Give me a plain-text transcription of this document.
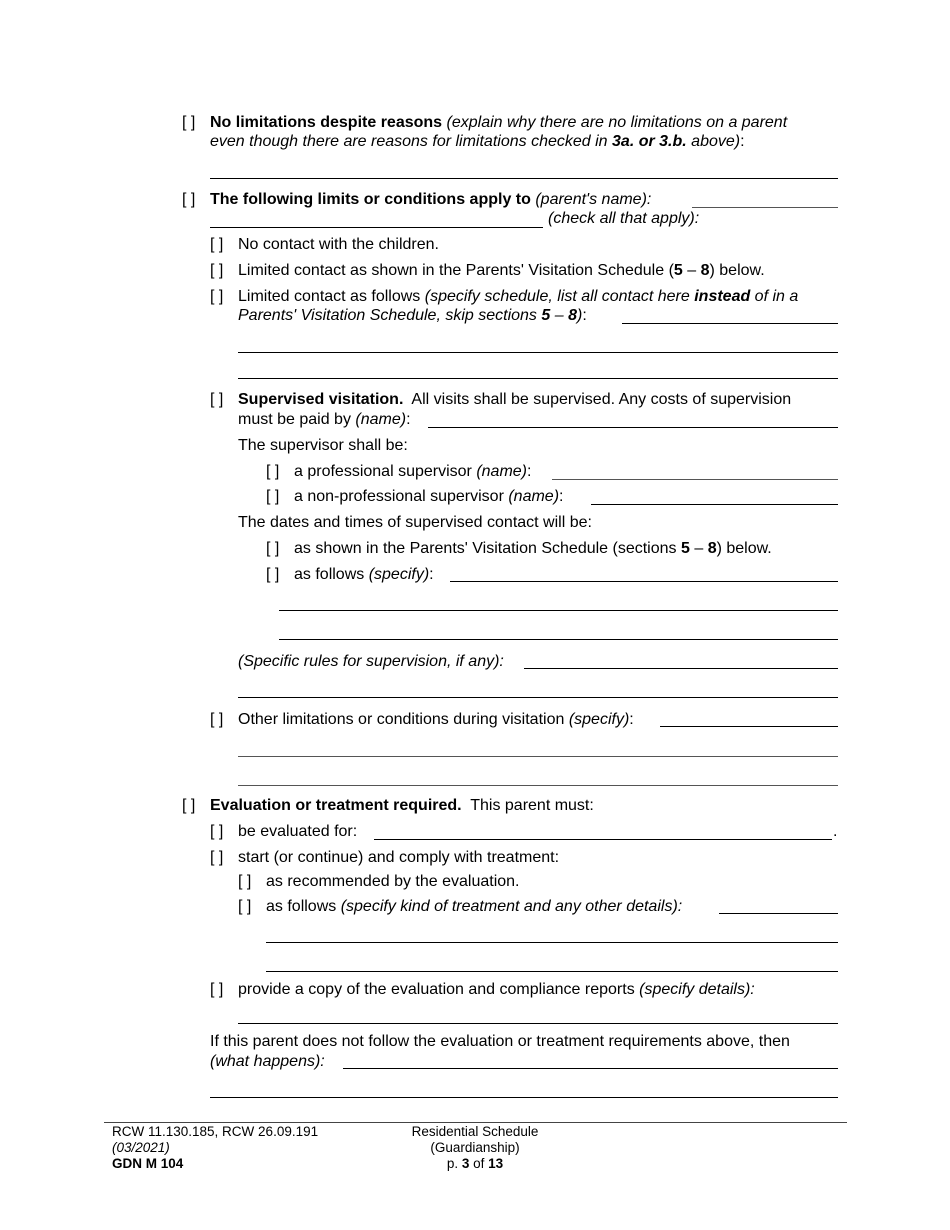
[ ] No limitations despite reasons (explain why there are no limitations on a parent
even though there are reasons for limitations checked in 3a. or 3.b. above):
[ ] The following limits or conditions apply to (parent's name):
(check all that apply):
[ ] No contact with the children.
[ ] Limited contact as shown in the Parents' Visitation Schedule (5 – 8) below.
[ ] Limited contact as follows (specify schedule, list all contact here instead of in a
Parents' Visitation Schedule, skip sections 5 – 8):
[ ] Supervised visitation. All visits shall be supervised. Any costs of supervision
must be paid by (name):
The supervisor shall be:
[ ] a professional supervisor (name):
[ ] a non-professional supervisor (name):
The dates and times of supervised contact will be:
[ ] as shown in the Parents' Visitation Schedule (sections 5 – 8) below.
[ ] as follows (specify):
(Specific rules for supervision, if any):
[ ] Other limitations or conditions during visitation (specify):
[ ] Evaluation or treatment required. This parent must:
[ ] be evaluated for:	.
[ ] start (or continue) and comply with treatment:
[ ] as recommended by the evaluation.
[ ] as follows (specify kind of treatment and any other details):
[ ] provide a copy of the evaluation and compliance reports (specify details):
If this parent does not follow the evaluation or treatment requirements above, then
(what happens):
RCW 11.130.185, RCW 26.09.191
(03/2021)
GDN M 104
Residential Schedule
(Guardianship)
p. 3 of 13
